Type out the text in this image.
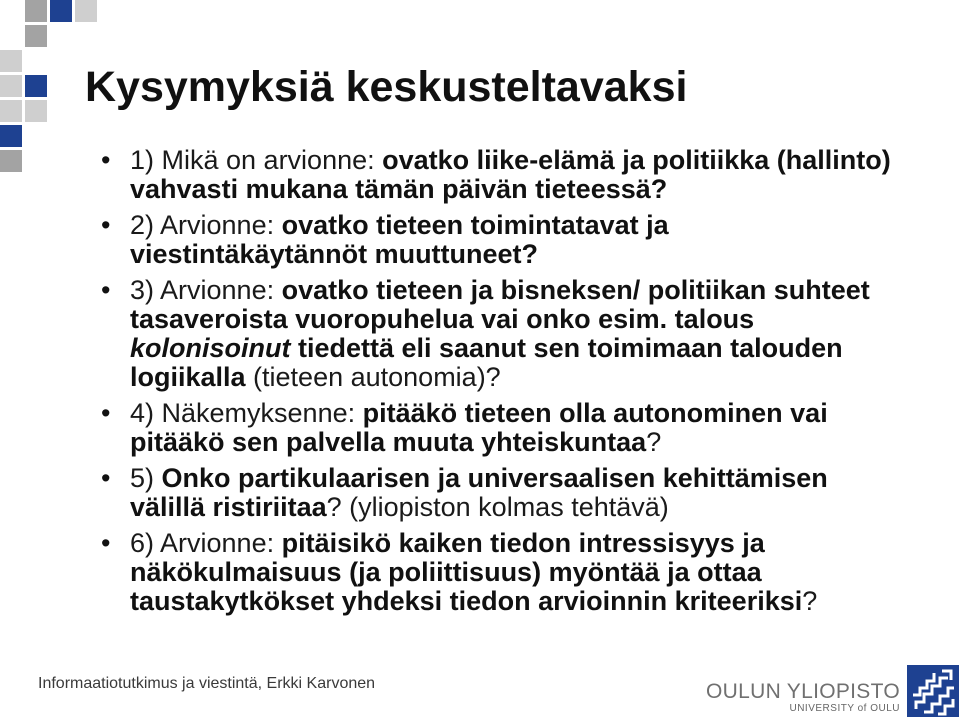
Kysymyksiä keskusteltavaksi
• 1) Mikä on arvionne: ovatko liike-elämä ja politiikka (hallinto)
vahvasti mukana tämän päivän tieteessä?
• 2) Arvionne: ovatko tieteen toimintatavat ja
viestintäkäytännöt muuttuneet?
• 3) Arvionne: ovatko tieteen ja bisneksen/ politiikan suhteet
tasaveroista vuoropuhelua vai onko esim. talous
kolonisoinut tiedettä eli saanut sen toimimaan talouden
logiikalla (tieteen autonomia)?
• 4) Näkemyksenne: pitääkö tieteen olla autonominen vai
pitääkö sen palvella muuta yhteiskuntaa?
• 5) Onko partikulaarisen ja universaalisen kehittämisen
välillä ristiriitaa? (yliopiston kolmas tehtävä)
• 6) Arvionne: pitäisikö kaiken tiedon intressisyys ja
näkökulmaisuus (ja poliittisuus) myöntää ja ottaa
taustakytkökset yhdeksi tiedon arvioinnin kriteeriksi?
Informaatiotutkimus ja viestintä, Erkki Karvonen	OULUN YLIOPISTO
UNIVERSITY of OULU
